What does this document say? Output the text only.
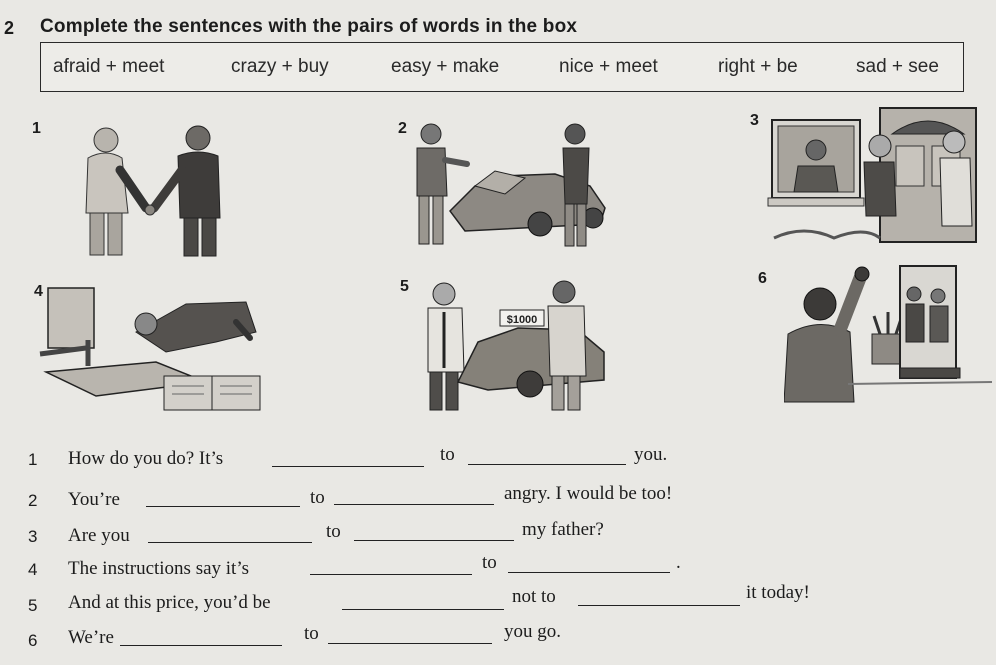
2 Complete the sentences with the pairs of words in the box
afraid + meet	crazy + buy	easy + make	nice + meet	right + be	sad + see
1	2	3
4	5	6
$1000
1 How do you do? It’s	to	you.
2 You’re	to	angry. I would be too!
3 Are you	to	my father?
4 The instructions say it’s	to	.
5 And at this price, you’d be	not to	it today!
6 We’re	to	you go.
